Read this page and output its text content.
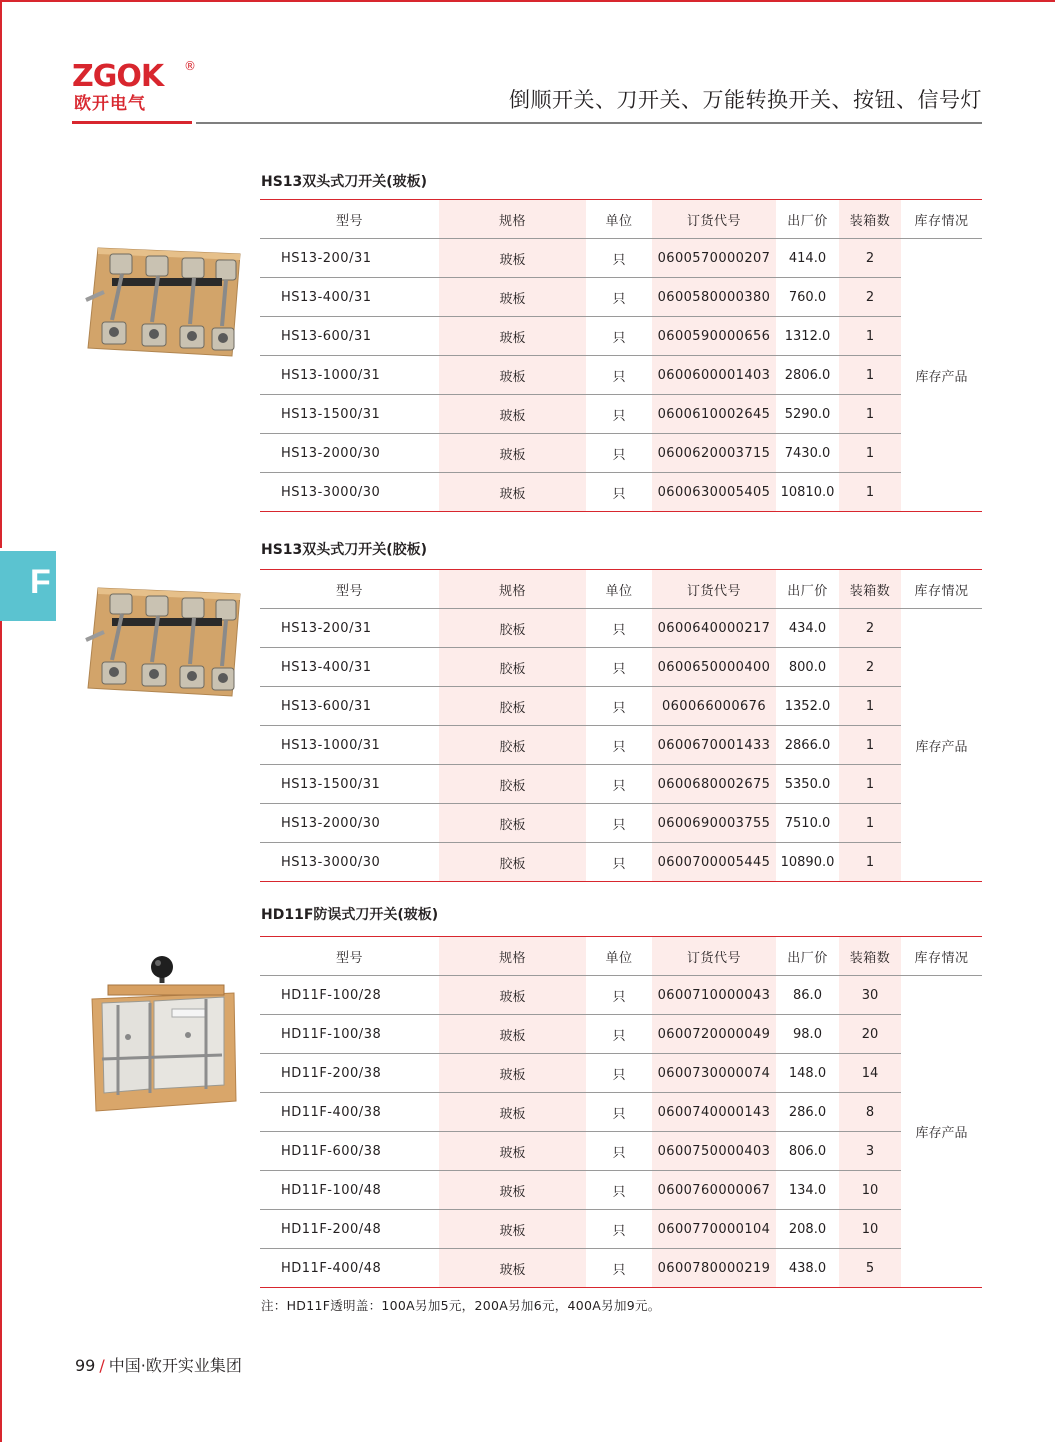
ZGOK ®
欧开电气	倒顺开关、刀开关、万能转换开关、按钮、信号灯
F
HS13双头式刀开关(玻板)
型号	规格	单位	订货代号	出厂价	装箱数	库存情况
HS13-200/31	玻板	只	0600570000207	414.0	2	库存产品
HS13-400/31	玻板	只	0600580000380	760.0	2	
HS13-600/31	玻板	只	0600590000656	1312.0	1	
HS13-1000/31	玻板	只	0600600001403	2806.0	1	
HS13-1500/31	玻板	只	0600610002645	5290.0	1	
HS13-2000/30	玻板	只	0600620003715	7430.0	1	
HS13-3000/30	玻板	只	0600630005405	10810.0	1	
HS13双头式刀开关(胶板)
型号	规格	单位	订货代号	出厂价	装箱数	库存情况
HS13-200/31	胶板	只	0600640000217	434.0	2	库存产品
HS13-400/31	胶板	只	0600650000400	800.0	2	
HS13-600/31	胶板	只	060066000676	1352.0	1	
HS13-1000/31	胶板	只	0600670001433	2866.0	1	
HS13-1500/31	胶板	只	0600680002675	5350.0	1	
HS13-2000/30	胶板	只	0600690003755	7510.0	1	
HS13-3000/30	胶板	只	0600700005445	10890.0	1	
HD11F防误式刀开关(玻板)
型号	规格	单位	订货代号	出厂价	装箱数	库存情况
HD11F-100/28	玻板	只	0600710000043	86.0	30	库存产品
HD11F-100/38	玻板	只	0600720000049	98.0	20	
HD11F-200/38	玻板	只	0600730000074	148.0	14	
HD11F-400/38	玻板	只	0600740000143	286.0	8	
HD11F-600/38	玻板	只	0600750000403	806.0	3	
HD11F-100/48	玻板	只	0600760000067	134.0	10	
HD11F-200/48	玻板	只	0600770000104	208.0	10	
HD11F-400/48	玻板	只	0600780000219	438.0	5	
注：HD11F透明盖：100A另加5元，200A另加6元，400A另加9元。
99 / 中国·欧开实业集团
